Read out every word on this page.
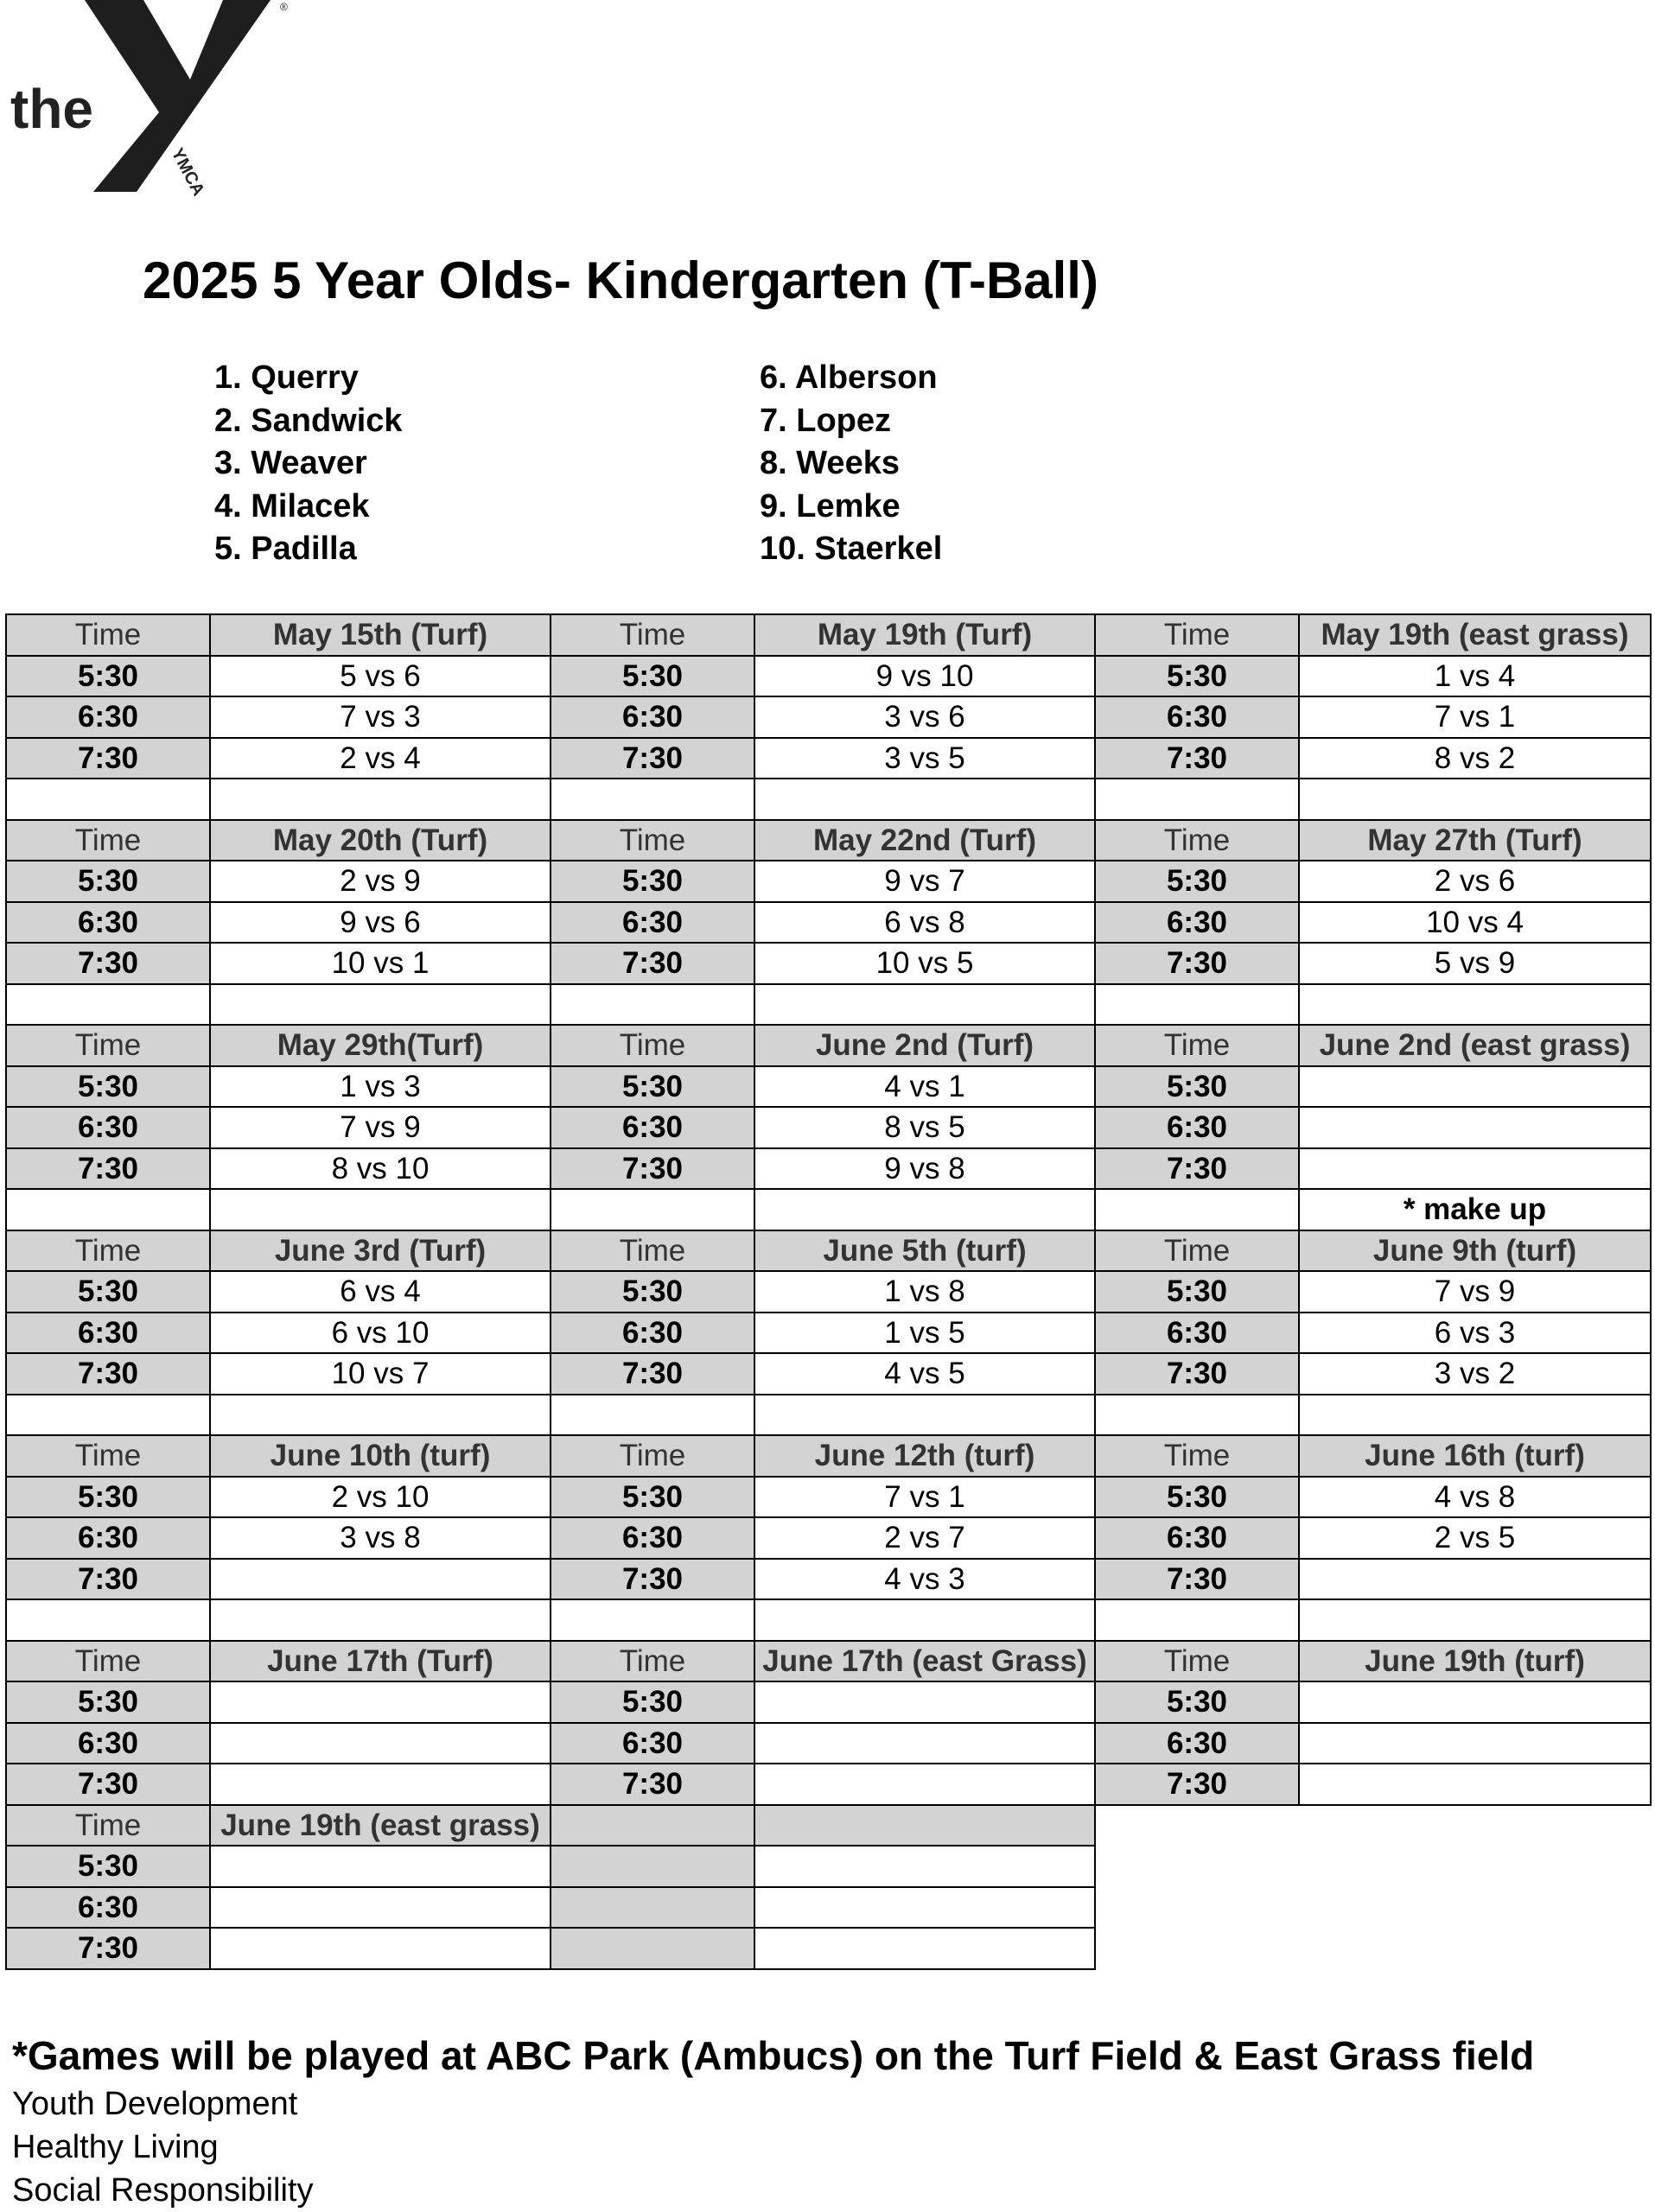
the
®
YMCA
2025 5 Year Olds- Kindergarten (T-Ball)
1. Querry
2. Sandwick
3. Weaver
4. Milacek
5. Padilla
6. Alberson
7. Lopez
8. Weeks
9. Lemke
10. Staerkel
Time	May 15th (Turf)	Time	May 19th (Turf)	Time	May 19th (east grass)
5:30	5 vs 6	5:30	9 vs 10	5:30	1 vs 4
6:30	7 vs 3	6:30	3 vs 6	6:30	7 vs 1
7:30	2 vs 4	7:30	3 vs 5	7:30	8 vs 2

Time	May 20th (Turf)	Time	May 22nd (Turf)	Time	May 27th (Turf)
5:30	2 vs 9	5:30	9 vs 7	5:30	2 vs 6
6:30	9 vs 6	6:30	6 vs 8	6:30	10 vs 4
7:30	10 vs 1	7:30	10 vs 5	7:30	5 vs 9

Time	May 29th(Turf)	Time	June 2nd (Turf)	Time	June 2nd (east grass)
5:30	1 vs 3	5:30	4 vs 1	5:30	
6:30	7 vs 9	6:30	8 vs 5	6:30	
7:30	8 vs 10	7:30	9 vs 8	7:30	
					* make up
Time	June 3rd (Turf)	Time	June 5th (turf)	Time	June 9th (turf)
5:30	6 vs 4	5:30	1 vs 8	5:30	7 vs 9
6:30	6 vs 10	6:30	1 vs 5	6:30	6 vs 3
7:30	10 vs 7	7:30	4 vs 5	7:30	3 vs 2

Time	June 10th (turf)	Time	June 12th (turf)	Time	June 16th (turf)
5:30	2 vs 10	5:30	7 vs 1	5:30	4 vs 8
6:30	3 vs 8	6:30	2 vs 7	6:30	2 vs 5
7:30		7:30	4 vs 3	7:30	

Time	June 17th (Turf)	Time	June 17th (east Grass)	Time	June 19th (turf)
5:30		5:30		5:30	
6:30		6:30		6:30	
7:30		7:30		7:30	
Time	June 19th (east grass)				
5:30					
6:30					
7:30					
*Games will be played at ABC Park (Ambucs) on the Turf Field & East Grass field
Youth Development
Healthy Living
Social Responsibility
